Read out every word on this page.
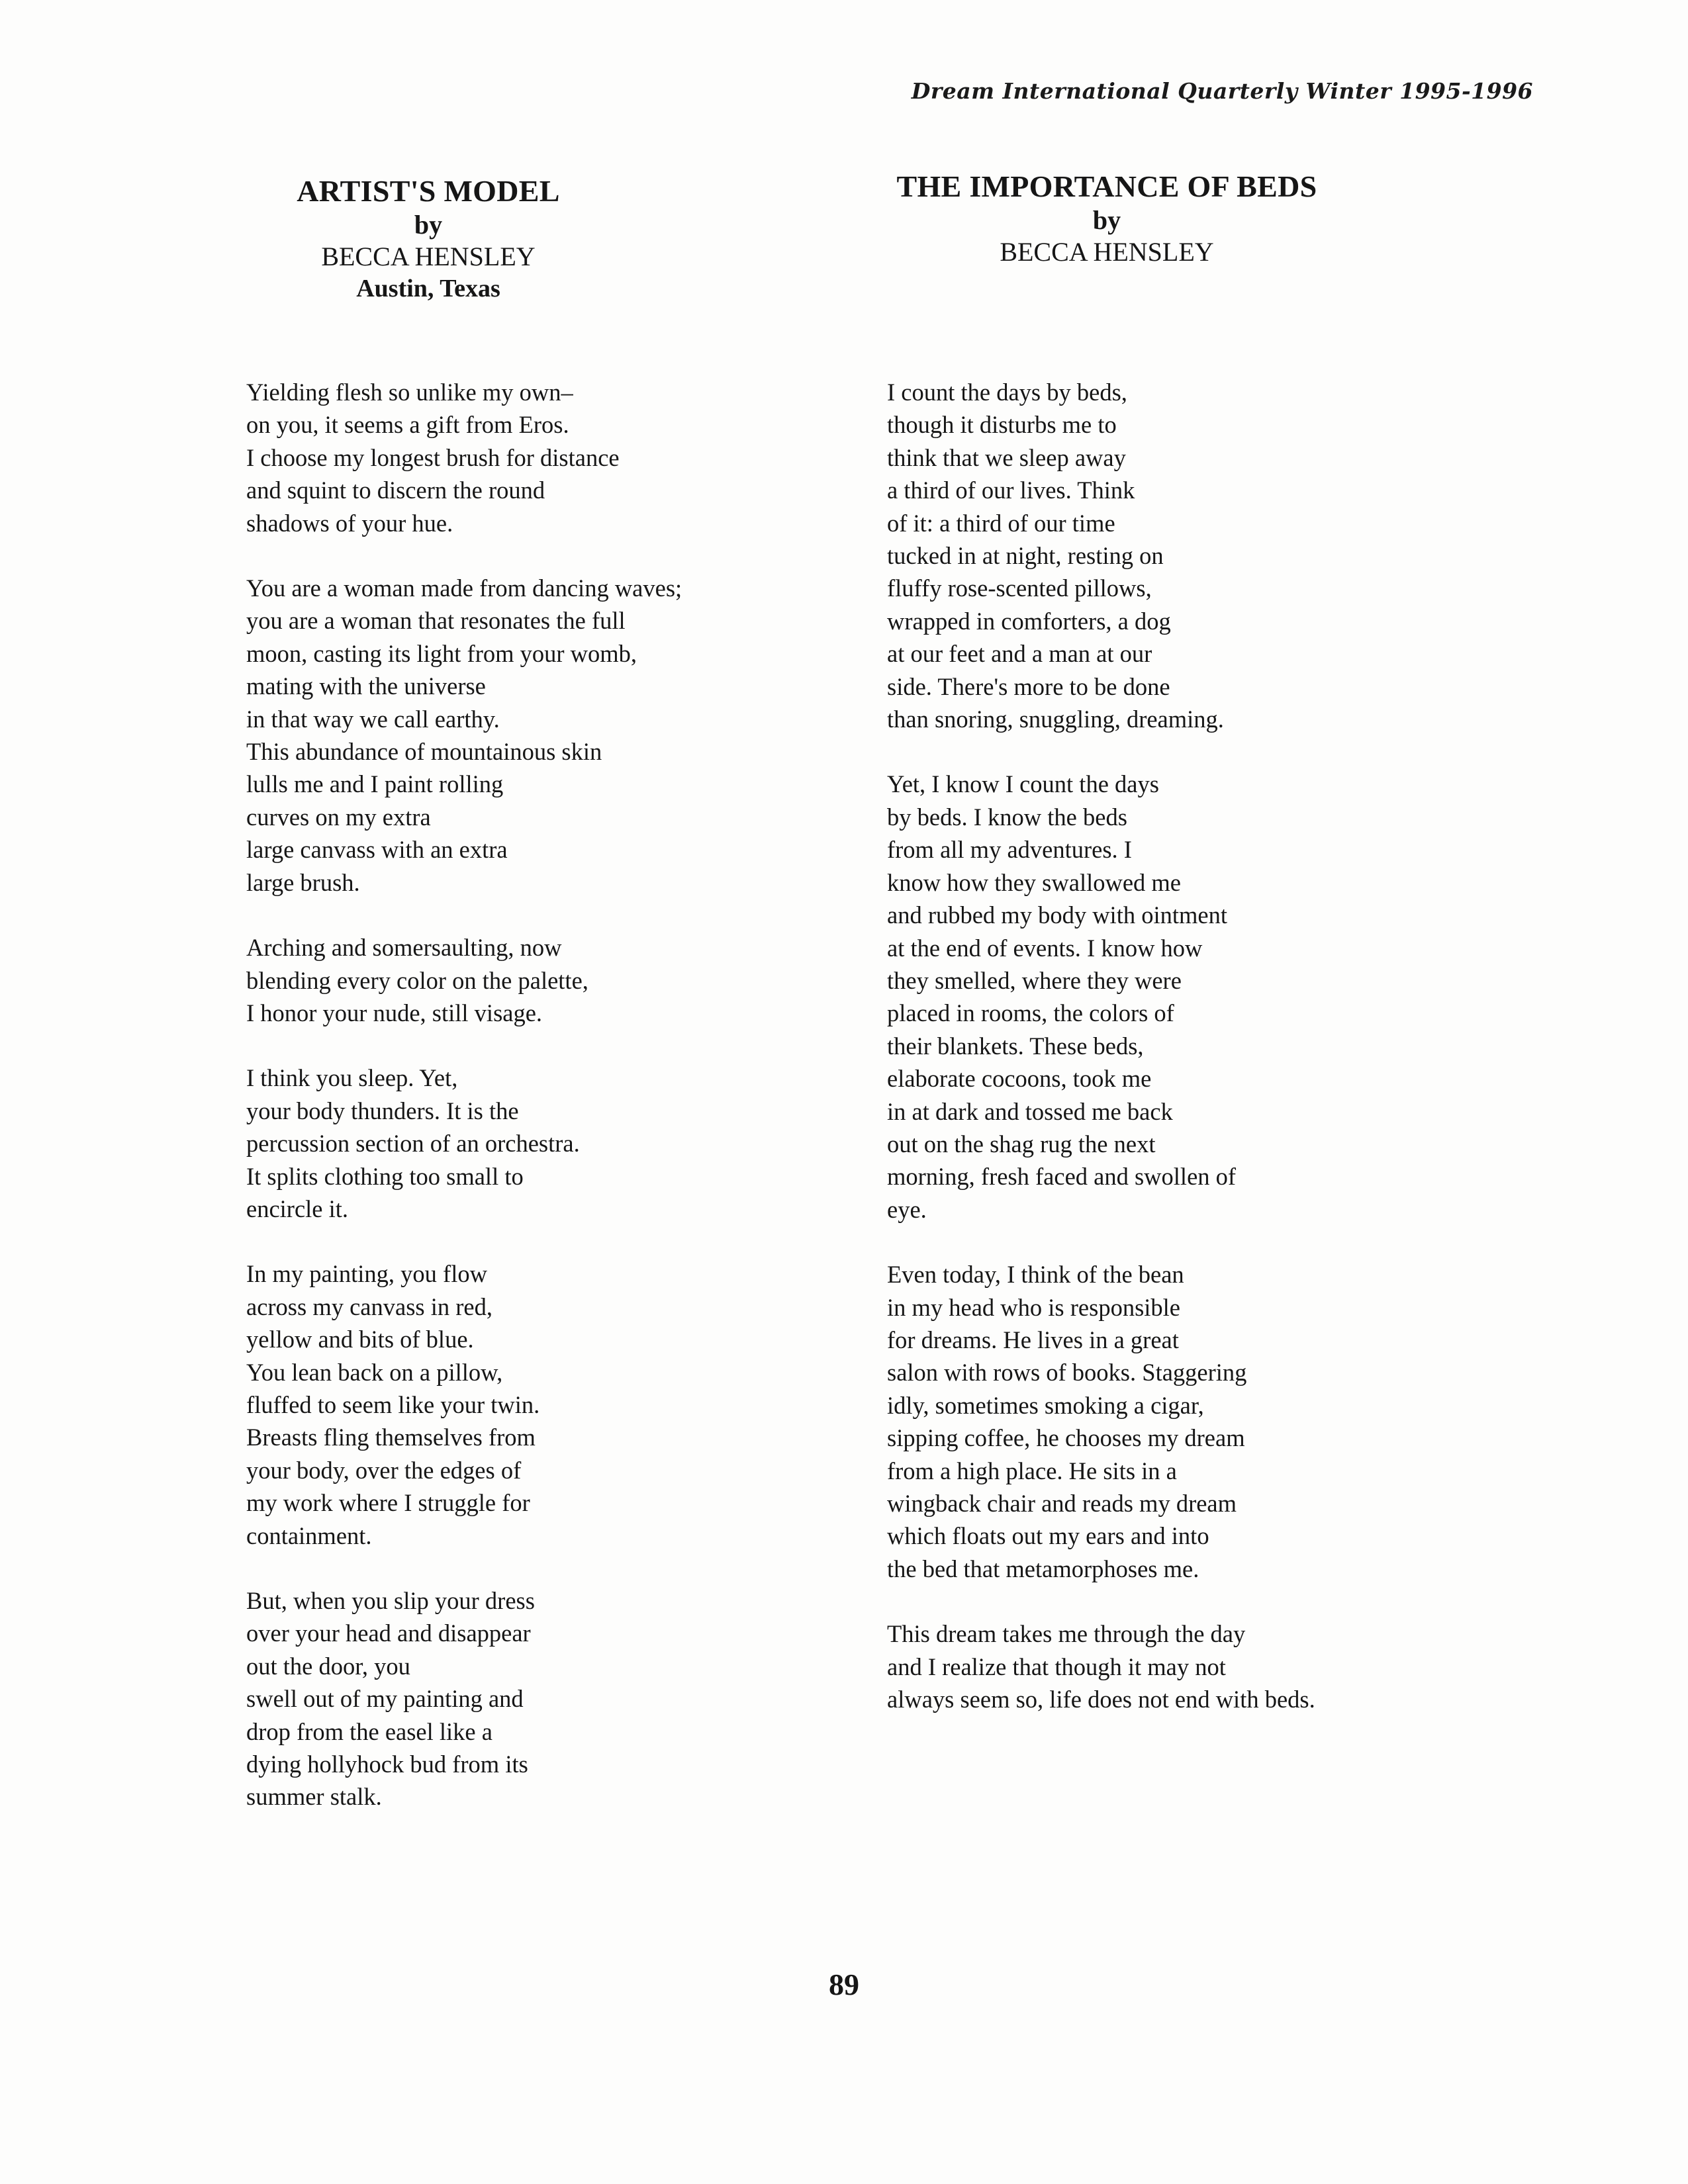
Dream International Quarterly Winter 1995-1996
ARTIST'S MODEL
by
BECCA HENSLEY
Austin, Texas
Yielding flesh so unlike my own–
on you, it seems a gift from Eros.
I choose my longest brush for distance
and squint to discern the round
shadows of your hue.
You are a woman made from dancing waves;
you are a woman that resonates the full
moon, casting its light from your womb,
mating with the universe
in that way we call earthy.
This abundance of mountainous skin
lulls me and I paint rolling
curves on my extra
large canvass with an extra
large brush.
Arching and somersaulting, now
blending every color on the palette,
I honor your nude, still visage.
I think you sleep. Yet,
your body thunders. It is the
percussion section of an orchestra.
It splits clothing too small to
encircle it.
In my painting, you flow
across my canvass in red,
yellow and bits of blue.
You lean back on a pillow,
fluffed to seem like your twin.
Breasts fling themselves from
your body, over the edges of
my work where I struggle for
containment.
But, when you slip your dress
over your head and disappear
out the door, you
swell out of my painting and
drop from the easel like a
dying hollyhock bud from its
summer stalk.
THE IMPORTANCE OF BEDS
by
BECCA HENSLEY
I count the days by beds,
though it disturbs me to
think that we sleep away
a third of our lives. Think
of it: a third of our time
tucked in at night, resting on
fluffy rose-scented pillows,
wrapped in comforters, a dog
at our feet and a man at our
side. There's more to be done
than snoring, snuggling, dreaming.
Yet, I know I count the days
by beds. I know the beds
from all my adventures. I
know how they swallowed me
and rubbed my body with ointment
at the end of events. I know how
they smelled, where they were
placed in rooms, the colors of
their blankets. These beds,
elaborate cocoons, took me
in at dark and tossed me back
out on the shag rug the next
morning, fresh faced and swollen of
eye.
Even today, I think of the bean
in my head who is responsible
for dreams. He lives in a great
salon with rows of books. Staggering
idly, sometimes smoking a cigar,
sipping coffee, he chooses my dream
from a high place. He sits in a
wingback chair and reads my dream
which floats out my ears and into
the bed that metamorphoses me.
This dream takes me through the day
and I realize that though it may not
always seem so, life does not end with beds.
89
